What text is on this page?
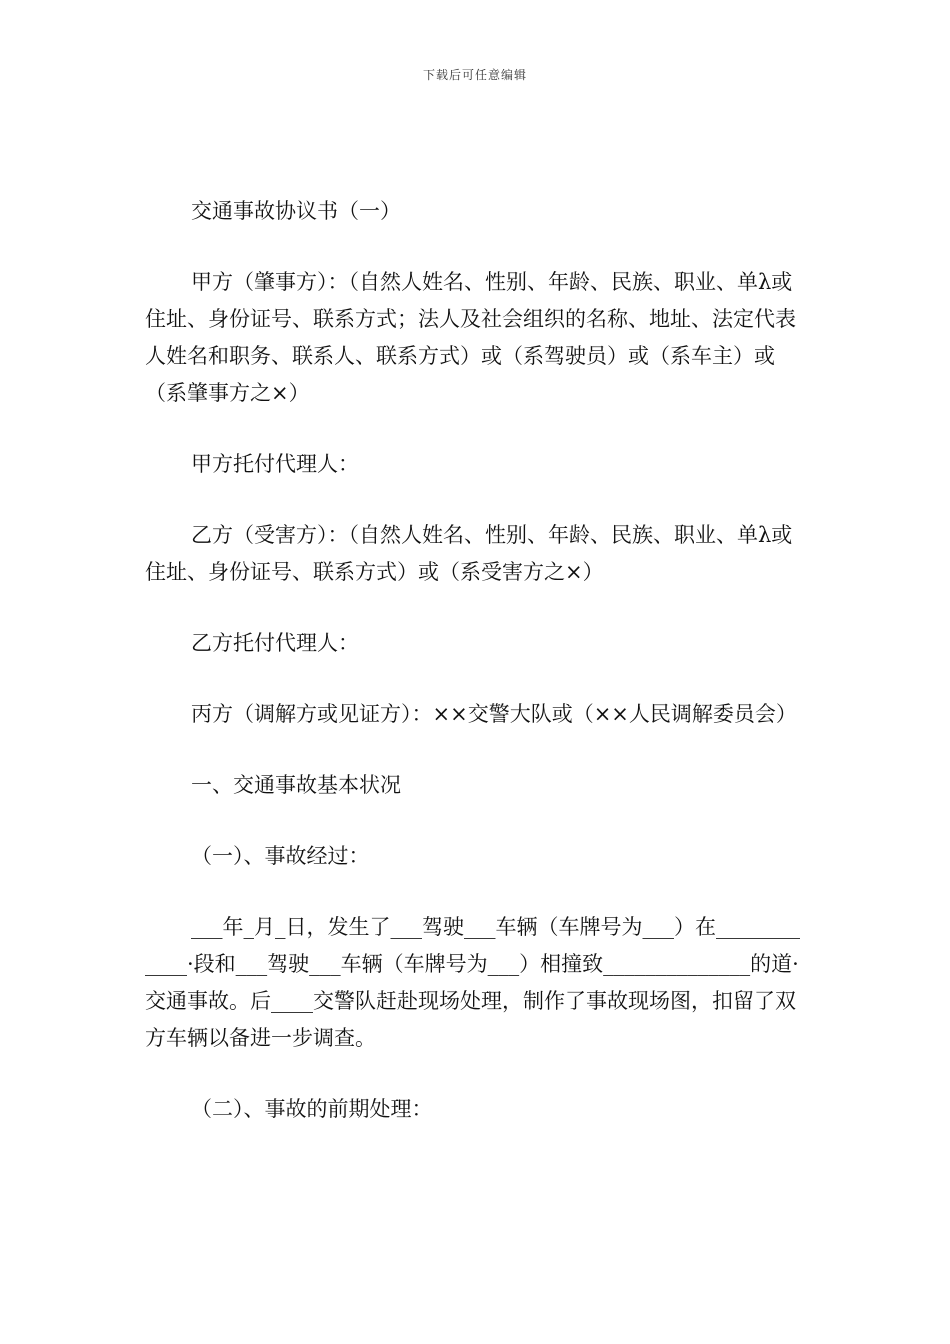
下载后可任意编辑

交通事故协议书（一）

甲方（肇事方）：（自然人姓名、性别、年龄、民族、职业、单λ或住址、身份证号、联系方式；法人及社会组织的名称、地址、法定代表人姓名和职务、联系人、联系方式）或（系驾驶员）或（系车主）或（系肇事方之×）

甲方托付代理人：

乙方（受害方）：（自然人姓名、性别、年龄、民族、职业、单λ或住址、身份证号、联系方式）或（系受害方之×）

乙方托付代理人：

丙方（调解方或见证方）：××交警大队或（××人民调解委员会）

一、交通事故基本状况

（一）、事故经过：

___年_月_日，发生了___驾驶___车辆（车牌号为___）在____________·段和___驾驶___车辆（车牌号为___）相撞致______________的道·交通事故。后____交警队赶赴现场处理，制作了事故现场图，扣留了双方车辆以备进一步调查。

（二）、事故的前期处理：
